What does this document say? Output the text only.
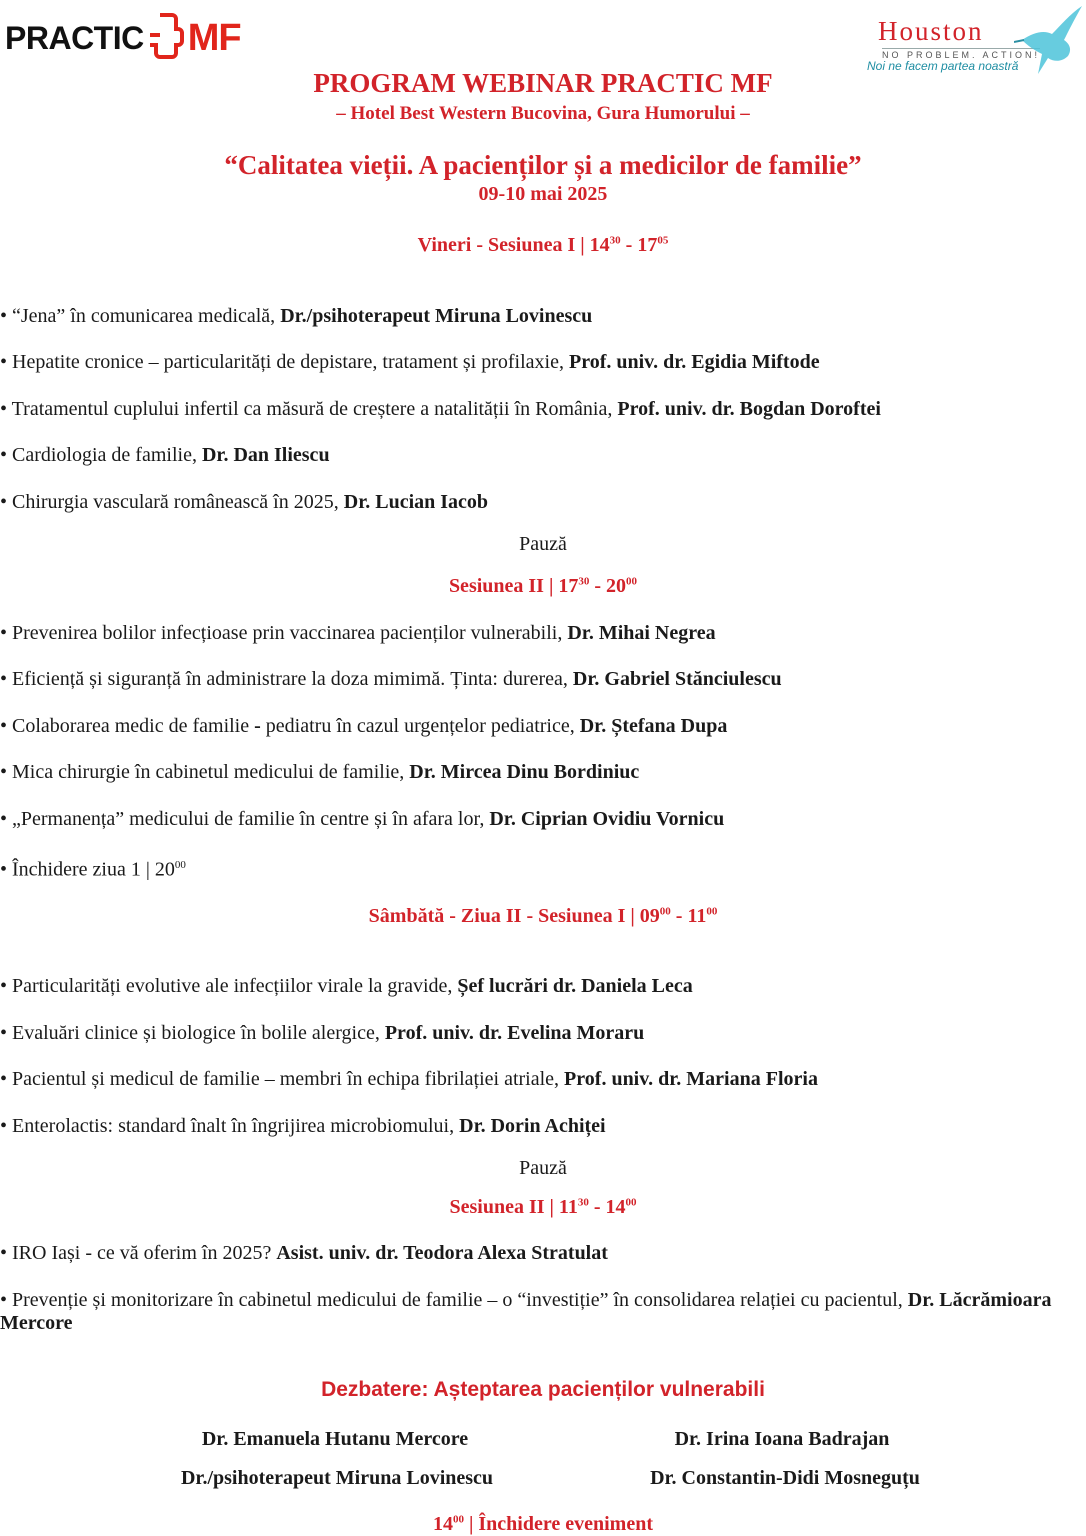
PRACTIC MF	Houston
NO PROBLEM. ACTION!
Noi ne facem partea noastră
PROGRAM WEBINAR PRACTIC MF
– Hotel Best Western Bucovina, Gura Humorului –
“Calitatea vieții. A pacienților și a medicilor de familie”
09-10 mai 2025
Vineri - Sesiunea I | $14^{30} - 17^{05}$
• “Jena” în comunicarea medicală, Dr./psihoterapeut Miruna Lovinescu
• Hepatite cronice – particularități de depistare, tratament și profilaxie, Prof. univ. dr. Egidia Miftode
• Tratamentul cuplului infertil ca măsură de creștere a natalității în România, Prof. univ. dr. Bogdan Doroftei
• Cardiologia de familie, Dr. Dan Iliescu
• Chirurgia vasculară românească în 2025, Dr. Lucian Iacob
Pauză
Sesiunea II | $17^{30} - 20^{00}$
• Prevenirea bolilor infecțioase prin vaccinarea pacienților vulnerabili, Dr. Mihai Negrea
• Eficiență și siguranță în administrare la doza mimimă. Ținta: durerea, Dr. Gabriel Stănciulescu
• Colaborarea medic de familie - pediatru în cazul urgențelor pediatrice, Dr. Ștefana Dupa
• Mica chirurgie în cabinetul medicului de familie, Dr. Mircea Dinu Bordiniuc
• „Permanența” medicului de familie în centre și în afara lor, Dr. Ciprian Ovidiu Vornicu
• Închidere ziua 1 | $20^{00}$
Sâmbătă - Ziua II - Sesiunea I | $09^{00} - 11^{00}$
• Particularități evolutive ale infecțiilor virale la gravide, Șef lucrări dr. Daniela Leca
• Evaluări clinice și biologice în bolile alergice, Prof. univ. dr. Evelina Moraru
• Pacientul și medicul de familie – membri în echipa fibrilației atriale, Prof. univ. dr. Mariana Floria
• Enterolactis: standard înalt în îngrijirea microbiomului, Dr. Dorin Achiței
Pauză
Sesiunea II | $11^{30} - 14^{00}$
• IRO Iași - ce vă oferim în 2025? Asist. univ. dr. Teodora Alexa Stratulat
• Prevenție și monitorizare în cabinetul medicului de familie – o “investiție” în consolidarea relației cu pacientul, Dr. Lăcrămioara Mercore
Dezbatere: Așteptarea pacienților vulnerabili
Dr. Emanuela Hutanu Mercore	Dr. Irina Ioana Badrajan
Dr./psihoterapeut Miruna Lovinescu	Dr. Constantin-Didi Mosneguțu
$14^{00}$ | Închidere eveniment
